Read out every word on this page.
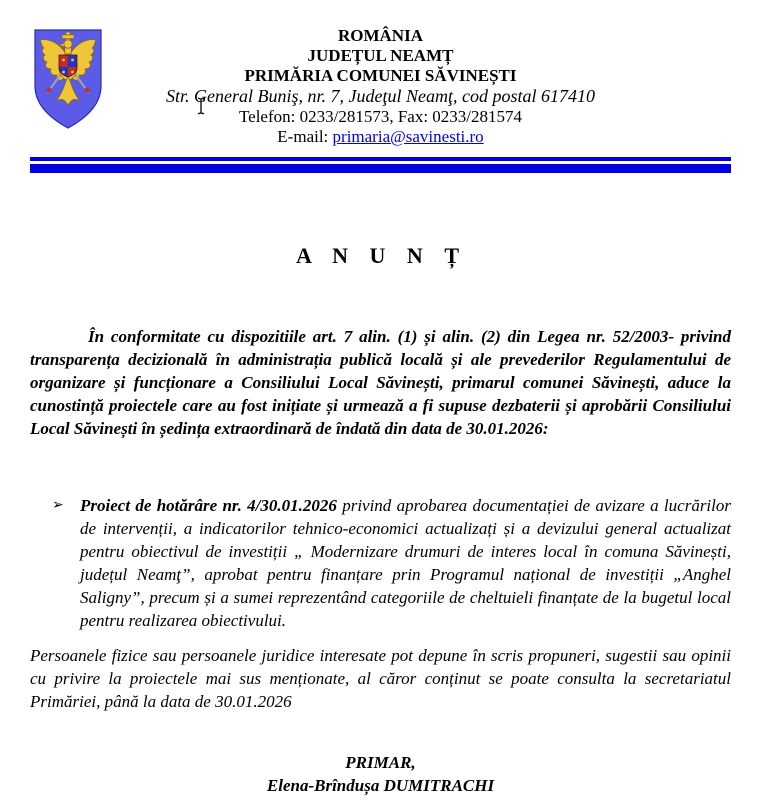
ROMÂNIA
JUDEȚUL NEAMȚ
PRIMĂRIA COMUNEI SĂVINEȘTI
Str. General Buniş, nr. 7, Judeţul Neamţ, cod postal 617410
Telefon: 0233/281573, Fax: 0233/281574
E-mail: primaria@savinesti.ro
A N U N Ț

În conformitate cu dispozitiile art. 7 alin. (1) și alin. (2) din Legea nr. 52/2003- privind transparența decizională în administrația publică locală și ale prevederilor Regulamentului de organizare și funcționare a Consiliului Local Săvinești, primarul comunei Săvinești, aduce la cunostință proiectele care au fost inițiate și urmează a fi supuse dezbaterii și aprobării Consiliului Local Săvinești în ședința extraordinară de îndată din data de 30.01.2026:

➢ Proiect de hotărâre nr. 4/30.01.2026 privind aprobarea documentației de avizare a lucrărilor de intervenții, a indicatorilor tehnico-economici actualizați și a devizului general actualizat pentru obiectivul de investiții „ Modernizare drumuri de interes local în comuna Săvinești, județul Neamţ”, aprobat pentru finanțare prin Programul național de investiții „Anghel Saligny”, precum și a sumei reprezentând categoriile de cheltuieli finanțate de la bugetul local pentru realizarea obiectivului.

Persoanele fizice sau persoanele juridice interesate pot depune în scris propuneri, sugestii sau opinii cu privire la proiectele mai sus menționate, al căror conținut se poate consulta la secretariatul Primăriei, până la data de 30.01.2026

PRIMAR,
Elena-Brîndușa DUMITRACHI
